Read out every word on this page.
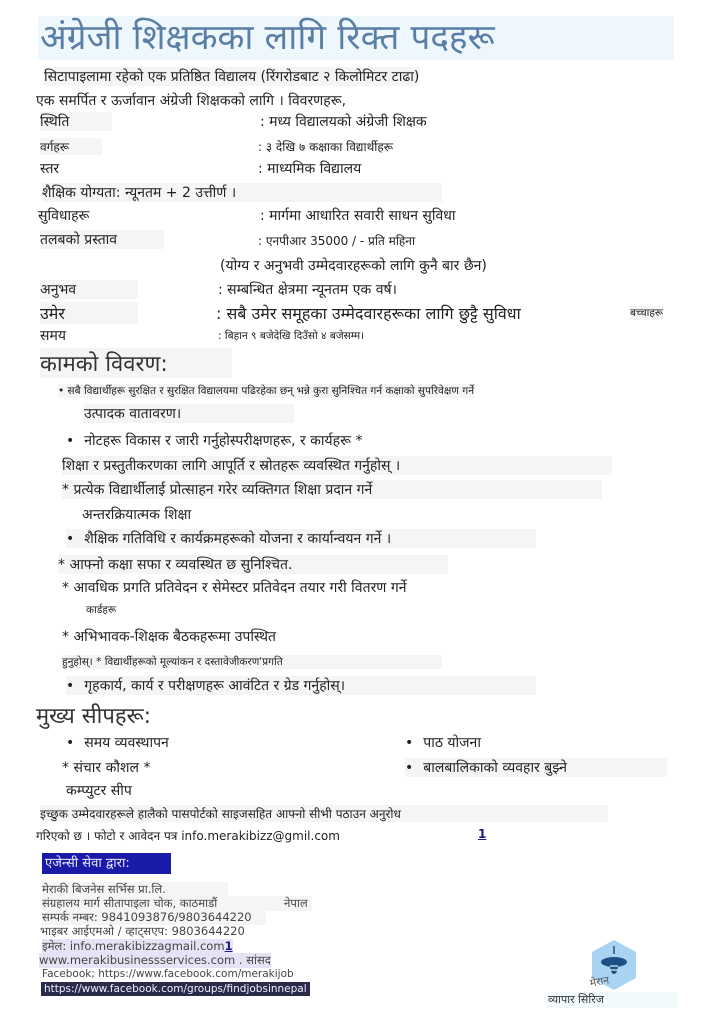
अंग्रेजी शिक्षकका लागि रिक्त पदहरू
सिटापाइलामा रहेको एक प्रतिष्ठित विद्यालय (रिंगरोडबाट २ किलोमिटर टाढा)
एक समर्पित र ऊर्जावान अंग्रेजी शिक्षकको लागि । विवरणहरू,
स्थिति	: मध्य विद्यालयको अंग्रेजी शिक्षक
वर्गहरू	: ३ देखि ७ कक्षाका विद्यार्थीहरू
स्तर	: माध्यमिक विद्यालय
शैक्षिक योग्यता: न्यूनतम + 2 उत्तीर्ण ।
सुविधाहरू	: मार्गमा आधारित सवारी साधन सुविधा
तलबको प्रस्ताव	: एनपीआर 35000 / - प्रति महिना
(योग्य र अनुभवी उम्मेदवारहरूको लागि कुनै बार छैन)
अनुभव	: सम्बन्धित क्षेत्रमा न्यूनतम एक वर्ष।
उमेर	: सबै उमेर समूहका उम्मेदवारहरूका लागि छुट्टै सुविधा	बच्चाहरू
समय	: बिहान ९ बजेदेखि दिउँसो ४ बजेसम्म।
कामको विवरण:
• सबै विद्यार्थीहरू सुरक्षित र सुरक्षित विद्यालयमा पढिरहेका छन् भन्ने कुरा सुनिश्चित गर्न कक्षाको सुपरिवेक्षण गर्ने
उत्पादक वातावरण।
• नोटहरू विकास र जारी गर्नुहोस्परीक्षणहरू, र कार्यहरू *
शिक्षा र प्रस्तुतीकरणका लागि आपूर्ति र स्रोतहरू व्यवस्थित गर्नुहोस् ।
* प्रत्येक विद्यार्थीलाई प्रोत्साहन गरेर व्यक्तिगत शिक्षा प्रदान गर्ने
अन्तरक्रियात्मक शिक्षा
• शैक्षिक गतिविधि र कार्यक्रमहरूको योजना र कार्यान्वयन गर्ने ।
* आफ्नो कक्षा सफा र व्यवस्थित छ सुनिश्चित.
* आवधिक प्रगति प्रतिवेदन र सेमेस्टर प्रतिवेदन तयार गरी वितरण गर्ने
कार्डहरू
* अभिभावक-शिक्षक बैठकहरूमा उपस्थित
हुनुहोस्। * विद्यार्थीहरूको मूल्यांकन र दस्तावेजीकरण'प्रगति
• गृहकार्य, कार्य र परीक्षणहरू आवंटित र ग्रेड गर्नुहोस्।
मुख्य सीपहरू:
• समय व्यवस्थापन
* संचार कौशल *
कम्प्युटर सीप
• पाठ योजना
• बालबालिकाको व्यवहार बुझ्ने
इच्छुक उम्मेदवारहरूले हालैको पासपोर्टको साइजसहित आफ्नो सीभी पठाउन अनुरोध
गरिएको छ । फोटो र आवेदन पत्र info.merakibizz@gmil.com	1
एजेन्सी सेवा द्वारा:
मेराकी बिजनेस सर्भिस प्रा.लि.
संग्रहालय मार्ग सीतापाइला चोक, काठमाडौं	नेपाल
सम्पर्क नम्बर: 9841093876/9803644220
भाइबर आईएमओ / व्हाट्सएप: 9803644220
इमेल: info.merakibizzagmail.com1
www.merakibusinessservices.com . सांसद
Facebook; https://www.facebook.com/merakijob
https://www.facebook.com/groups/findjobsinnepal	मेरान
व्यापार सिरिज
